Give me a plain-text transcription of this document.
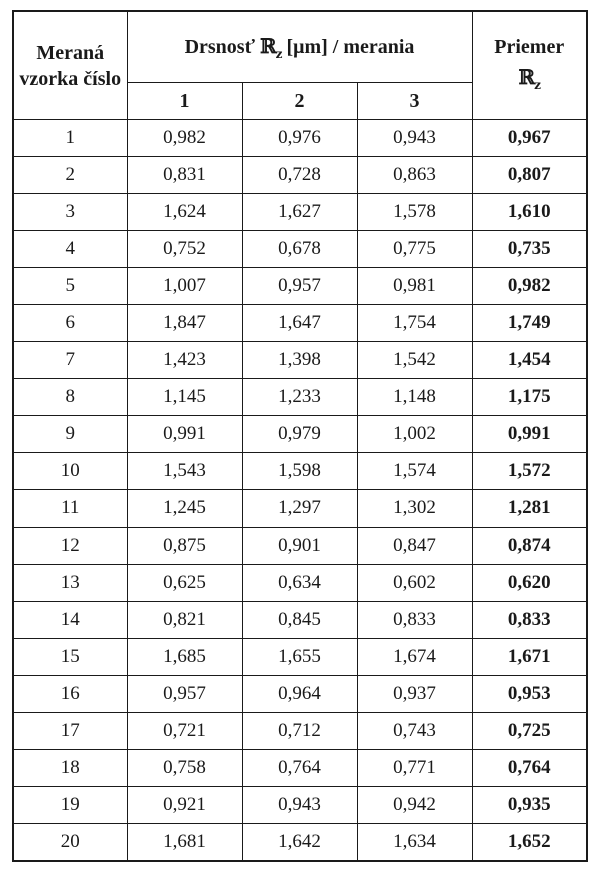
Meraná vzorka číslo	Drsnosť ℝ$_z$ [μm] / merania			Priemer
ℝ$_z$

	1	2	3	
1	0,982	0,976	0,943	0,967
2	0,831	0,728	0,863	0,807
3	1,624	1,627	1,578	1,610
4	0,752	0,678	0,775	0,735
5	1,007	0,957	0,981	0,982
6	1,847	1,647	1,754	1,749
7	1,423	1,398	1,542	1,454
8	1,145	1,233	1,148	1,175
9	0,991	0,979	1,002	0,991
10	1,543	1,598	1,574	1,572
11	1,245	1,297	1,302	1,281
12	0,875	0,901	0,847	0,874
13	0,625	0,634	0,602	0,620
14	0,821	0,845	0,833	0,833
15	1,685	1,655	1,674	1,671
16	0,957	0,964	0,937	0,953
17	0,721	0,712	0,743	0,725
18	0,758	0,764	0,771	0,764
19	0,921	0,943	0,942	0,935
20	1,681	1,642	1,634	1,652
